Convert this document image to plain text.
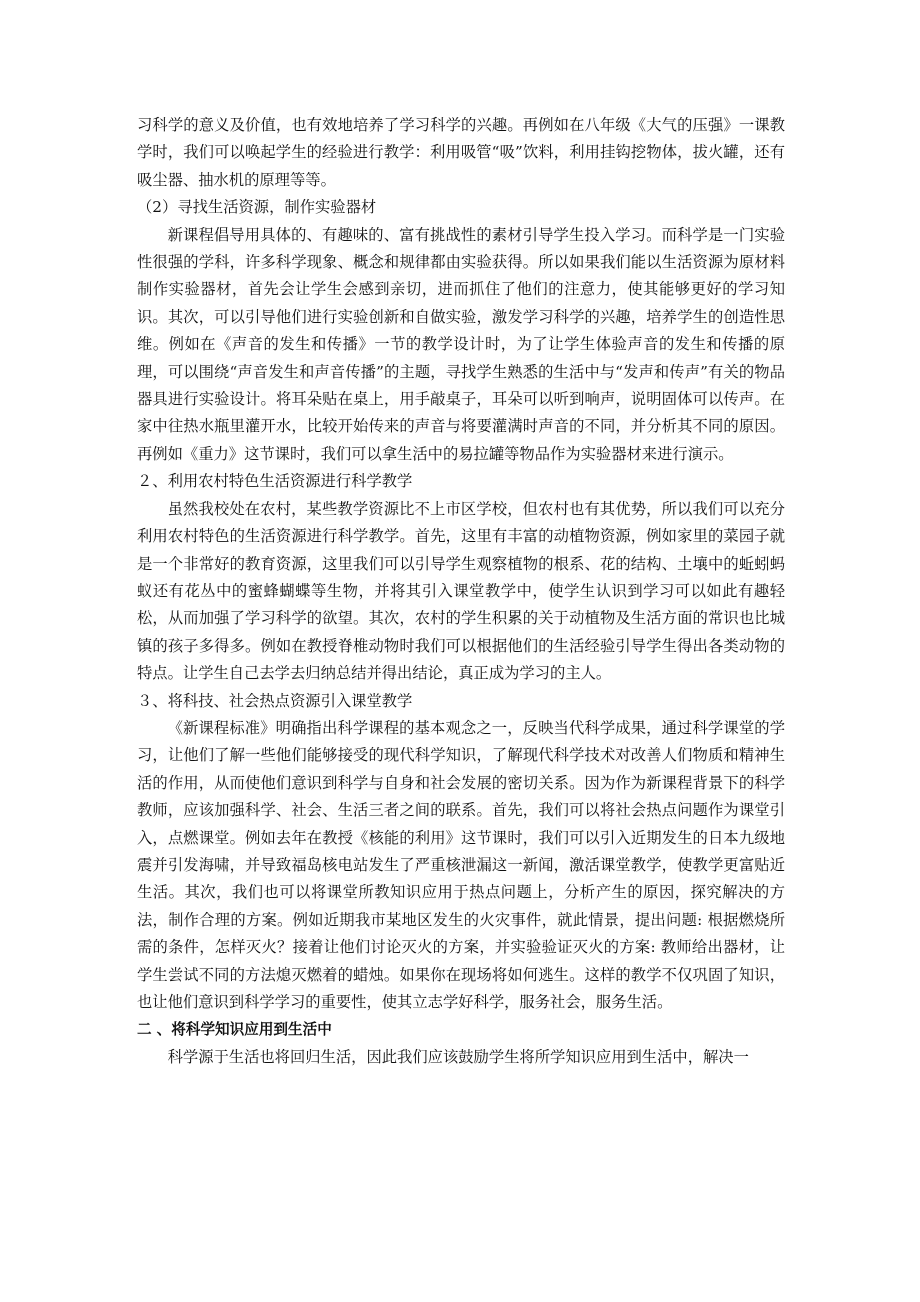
习科学的意义及价值，也有效地培养了学习科学的兴趣。再例如在八年级《大气的压强》一课教学时，我们可以唤起学生的经验进行教学：利用吸管“吸”饮料，利用挂钩挖物体，拔火罐，还有吸尘器、抽水机的原理等等。

（2）寻找生活资源，制作实验器材

新课程倡导用具体的、有趣味的、富有挑战性的素材引导学生投入学习。而科学是一门实验性很强的学科，许多科学现象、概念和规律都由实验获得。所以如果我们能以生活资源为原材料制作实验器材，首先会让学生会感到亲切，进而抓住了他们的注意力，使其能够更好的学习知识。其次，可以引导他们进行实验创新和自做实验，激发学习科学的兴趣，培养学生的创造性思维。例如在《声音的发生和传播》一节的教学设计时，为了让学生体验声音的发生和传播的原理，可以围绕“声音发生和声音传播”的主题，寻找学生熟悉的生活中与“发声和传声”有关的物品器具进行实验设计。将耳朵贴在桌上，用手敲桌子，耳朵可以听到响声，说明固体可以传声。在家中往热水瓶里灌开水，比较开始传来的声音与将要灌满时声音的不同，并分析其不同的原因。再例如《重力》这节课时，我们可以拿生活中的易拉罐等物品作为实验器材来进行演示。

２、利用农村特色生活资源进行科学教学

虽然我校处在农村，某些教学资源比不上市区学校，但农村也有其优势，所以我们可以充分利用农村特色的生活资源进行科学教学。首先，这里有丰富的动植物资源，例如家里的菜园子就是一个非常好的教育资源，这里我们可以引导学生观察植物的根系、花的结构、土壤中的蚯蚓蚂蚁还有花丛中的蜜蜂蝴蝶等生物，并将其引入课堂教学中，使学生认识到学习可以如此有趣轻松，从而加强了学习科学的欲望。其次，农村的学生积累的关于动植物及生活方面的常识也比城镇的孩子多得多。例如在教授脊椎动物时我们可以根据他们的生活经验引导学生得出各类动物的特点。让学生自己去学去归纳总结并得出结论，真正成为学习的主人。

３、将科技、社会热点资源引入课堂教学

《新课程标准》明确指出科学课程的基本观念之一，反映当代科学成果，通过科学课堂的学习，让他们了解一些他们能够接受的现代科学知识，了解现代科学技术对改善人们物质和精神生活的作用，从而使他们意识到科学与自身和社会发展的密切关系。因为作为新课程背景下的科学教师，应该加强科学、社会、生活三者之间的联系。首先，我们可以将社会热点问题作为课堂引入，点燃课堂。例如去年在教授《核能的利用》这节课时，我们可以引入近期发生的日本九级地震并引发海啸，并导致福岛核电站发生了严重核泄漏这一新闻，激活课堂教学，使教学更富贴近生活。其次，我们也可以将课堂所教知识应用于热点问题上，分析产生的原因，探究解决的方法，制作合理的方案。例如近期我市某地区发生的火灾事件，就此情景，提出问题: 根据燃烧所需的条件，怎样灭火？接着让他们讨论灭火的方案，并实验验证灭火的方案: 教师给出器材，让学生尝试不同的方法熄灭燃着的蜡烛。如果你在现场将如何逃生。这样的教学不仅巩固了知识，也让他们意识到科学学习的重要性，使其立志学好科学，服务社会，服务生活。

二 、将科学知识应用到生活中

科学源于生活也将回归生活，因此我们应该鼓励学生将所学知识应用到生活中，解决一
